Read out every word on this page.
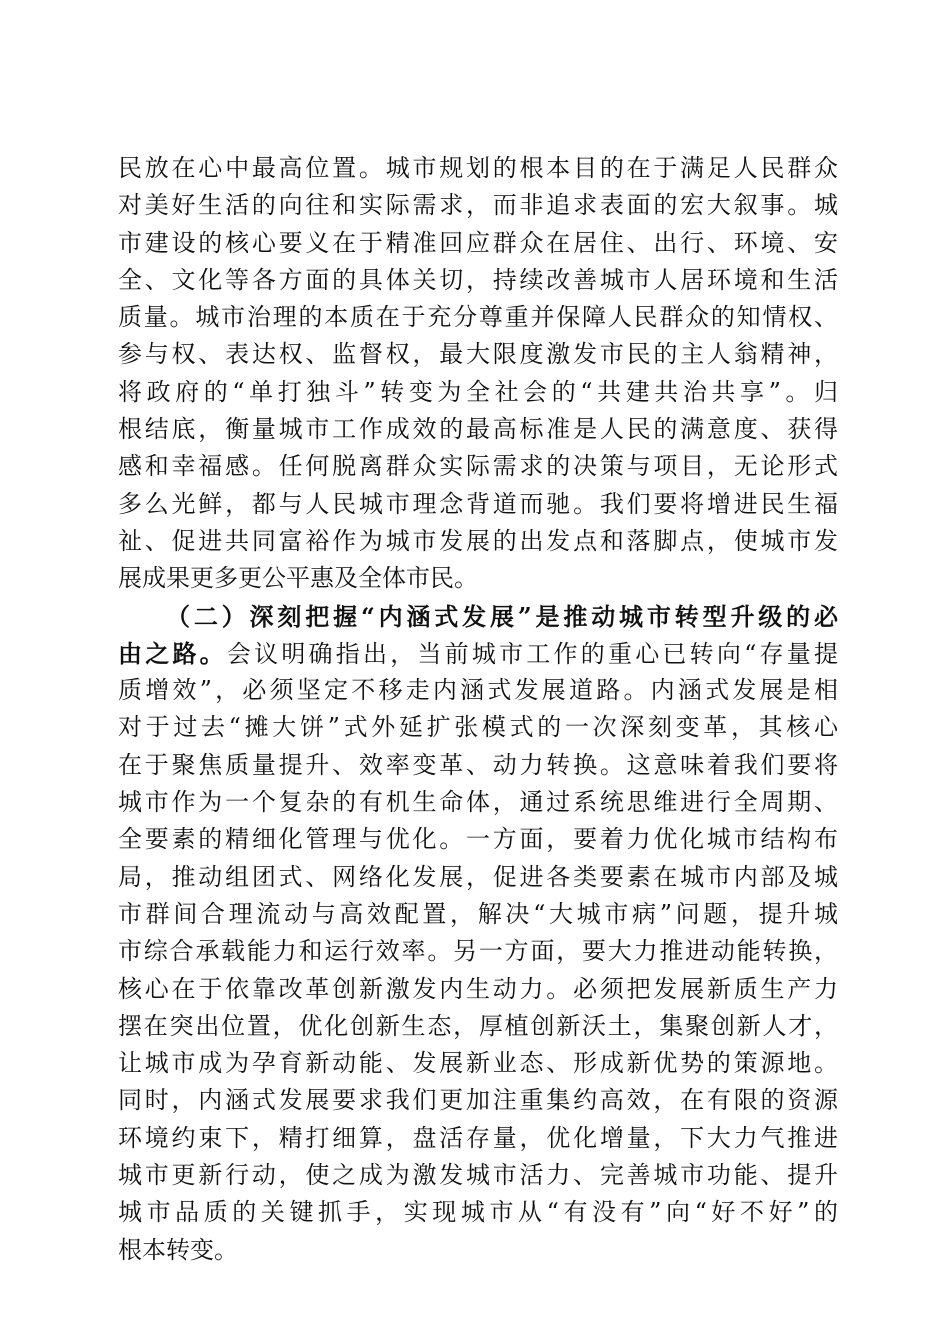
民放在心中最高位置。城市规划的根本目的在于满足人民群众
对美好生活的向往和实际需求，而非追求表面的宏大叙事。城
市建设的核心要义在于精准回应群众在居住、出行、环境、安
全、文化等各方面的具体关切，持续改善城市人居环境和生活
质量。城市治理的本质在于充分尊重并保障人民群众的知情权、
参与权、表达权、监督权，最大限度激发市民的主人翁精神，
将政府的“单打独斗”转变为全社会的“共建共治共享”。归
根结底，衡量城市工作成效的最高标准是人民的满意度、获得
感和幸福感。任何脱离群众实际需求的决策与项目，无论形式
多么光鲜，都与人民城市理念背道而驰。我们要将增进民生福
祉、促进共同富裕作为城市发展的出发点和落脚点，使城市发
展成果更多更公平惠及全体市民。
（二）深刻把握“内涵式发展”是推动城市转型升级的必
由之路。会议明确指出，当前城市工作的重心已转向“存量提
质增效”，必须坚定不移走内涵式发展道路。内涵式发展是相
对于过去“摊大饼”式外延扩张模式的一次深刻变革，其核心
在于聚焦质量提升、效率变革、动力转换。这意味着我们要将
城市作为一个复杂的有机生命体，通过系统思维进行全周期、
全要素的精细化管理与优化。一方面，要着力优化城市结构布
局，推动组团式、网络化发展，促进各类要素在城市内部及城
市群间合理流动与高效配置，解决“大城市病”问题，提升城
市综合承载能力和运行效率。另一方面，要大力推进动能转换，
核心在于依靠改革创新激发内生动力。必须把发展新质生产力
摆在突出位置，优化创新生态，厚植创新沃土，集聚创新人才，
让城市成为孕育新动能、发展新业态、形成新优势的策源地。
同时，内涵式发展要求我们更加注重集约高效，在有限的资源
环境约束下，精打细算，盘活存量，优化增量，下大力气推进
城市更新行动，使之成为激发城市活力、完善城市功能、提升
城市品质的关键抓手，实现城市从“有没有”向“好不好”的
根本转变。
